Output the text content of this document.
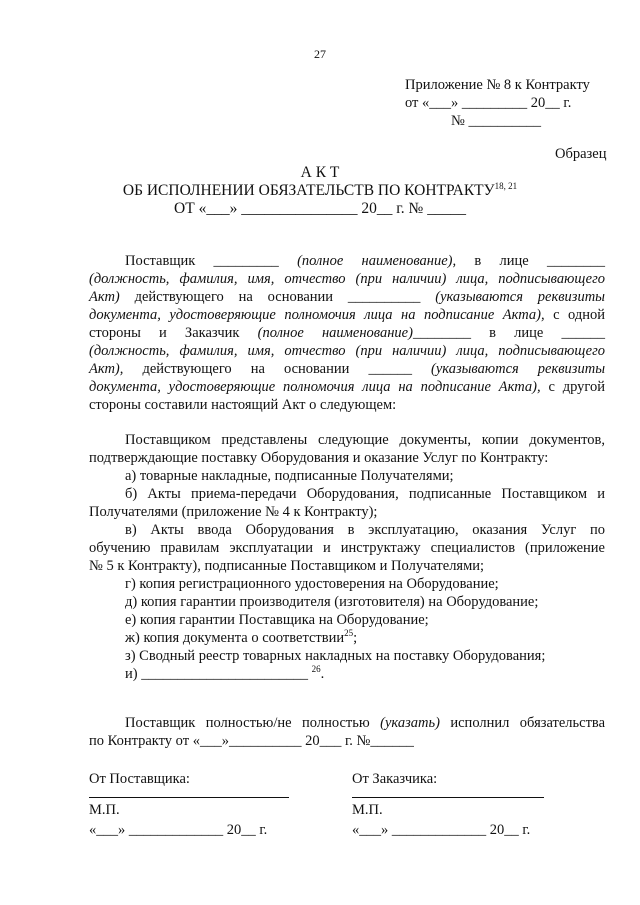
27
Приложение № 8 к Контракту
от «___» _________ 20__ г.
№ __________
Образец
А К Т
ОБ ИСПОЛНЕНИИ ОБЯЗАТЕЛЬСТВ ПО КОНТРАКТУ$^{18, 21}$
ОТ «___» _______________ 20__ г. № _____
Поставщик _________ (полное наименование), в лице ________
(должность, фамилия, имя, отчество (при наличии) лица, подписывающего
Акт) действующего на основании __________ (указываются реквизиты
документа, удостоверяющие полномочия лица на подписание Акта), с одной
стороны и Заказчик (полное наименование)________ в лице ______
(должность, фамилия, имя, отчество (при наличии) лица, подписывающего
Акт), действующего на основании ______ (указываются реквизиты
документа, удостоверяющие полномочия лица на подписание Акта), с другой
стороны составили настоящий Акт о следующем:
Поставщиком представлены следующие документы, копии документов,
подтверждающие поставку Оборудования и оказание Услуг по Контракту:
а) товарные накладные, подписанные Получателями;
б) Акты приема-передачи Оборудования, подписанные Поставщиком и
Получателями (приложение № 4 к Контракту);
в) Акты ввода Оборудования в эксплуатацию, оказания Услуг по
обучению правилам эксплуатации и инструктажу специалистов (приложение
№ 5 к Контракту), подписанные Поставщиком и Получателями;
г) копия регистрационного удостоверения на Оборудование;
д) копия гарантии производителя (изготовителя) на Оборудование;
е) копия гарантии Поставщика на Оборудование;
ж) копия документа о соответствии$^{25}$;
з) Сводный реестр товарных накладных на поставку Оборудования;
и) _______________________ $^{26}$.
Поставщик полностью/не полностью (указать) исполнил обязательства
по Контракту от «___»__________ 20___ г. №______
От Поставщика:	От Заказчика:
М.П.	М.П.
«___» _____________ 20__ г.	«___» _____________ 20__ г.
